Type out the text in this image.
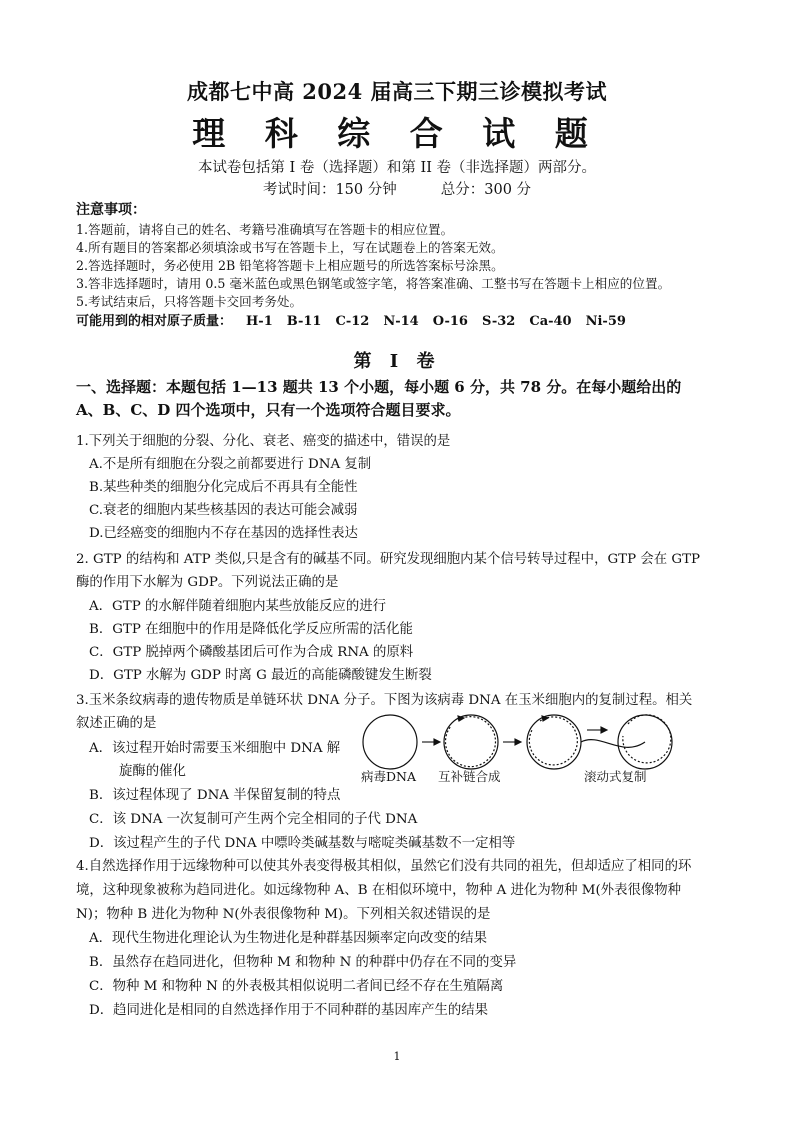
成都七中高 2024 届高三下期三诊模拟考试
理 科 综 合 试 题
本试卷包括第 I 卷（选择题）和第 II 卷（非选择题）两部分。
考试时间：150 分钟	总分：300 分
注意事项：
1.答题前，请将自己的姓名、考籍号准确填写在答题卡的相应位置。
4.所有题目的答案都必须填涂或书写在答题卡上，写在试题卷上的答案无效。
2.答选择题时，务必使用 2B 铅笔将答题卡上相应题号的所选答案标号涂黑。
3.答非选择题时，请用 0.5 毫米蓝色或黑色钢笔或签字笔，将答案准确、工整书写在答题卡上相应的位置。
5.考试结束后，只将答题卡交回考务处。
可能用到的相对原子质量： H-1 B-11 C-12 N-14 O-16 S-32 Ca-40 Ni-59
第 I 卷
一、选择题：本题包括 1—13 题共 13 个小题，每小题 6 分，共 78 分。在每小题给出的
A、B、C、D 四个选项中，只有一个选项符合题目要求。
1.下列关于细胞的分裂、分化、衰老、癌变的描述中，错误的是
A.不是所有细胞在分裂之前都要进行 DNA 复制
B.某些种类的细胞分化完成后不再具有全能性
C.衰老的细胞内某些核基因的表达可能会减弱
D.已经癌变的细胞内不存在基因的选择性表达
2. GTP 的结构和 ATP 类似,只是含有的碱基不同。研究发现细胞内某个信号转导过程中，GTP 会在 GTP
酶的作用下水解为 GDP。下列说法正确的是
A．GTP 的水解伴随着细胞内某些放能反应的进行
B．GTP 在细胞中的作用是降低化学反应所需的活化能
C．GTP 脱掉两个磷酸基团后可作为合成 RNA 的原料
D．GTP 水解为 GDP 时离 G 最近的高能磷酸键发生断裂
3.玉米条纹病毒的遗传物质是单链环状 DNA 分子。下图为该病毒 DNA 在玉米细胞内的复制过程。相关
叙述正确的是
A．该过程开始时需要玉米细胞中 DNA 解
旋酶的催化
B．该过程体现了 DNA 半保留复制的特点
C．该 DNA 一次复制可产生两个完全相同的子代 DNA
D．该过程产生的子代 DNA 中嘌呤类碱基数与嘧啶类碱基数不一定相等
病毒DNA 互补链合成	滚动式复制
4.自然选择作用于远缘物种可以使其外表变得极其相似，虽然它们没有共同的祖先，但却适应了相同的环
境，这种现象被称为趋同进化。如远缘物种 A、B 在相似环境中，物种 A 进化为物种 M(外表很像物种
N)；物种 B 进化为物种 N(外表很像物种 M)。下列相关叙述错误的是
A．现代生物进化理论认为生物进化是种群基因频率定向改变的结果
B．虽然存在趋同进化，但物种 M 和物种 N 的种群中仍存在不同的变异
C．物种 M 和物种 N 的外表极其相似说明二者间已经不存在生殖隔离
D．趋同进化是相同的自然选择作用于不同种群的基因库产生的结果
1
